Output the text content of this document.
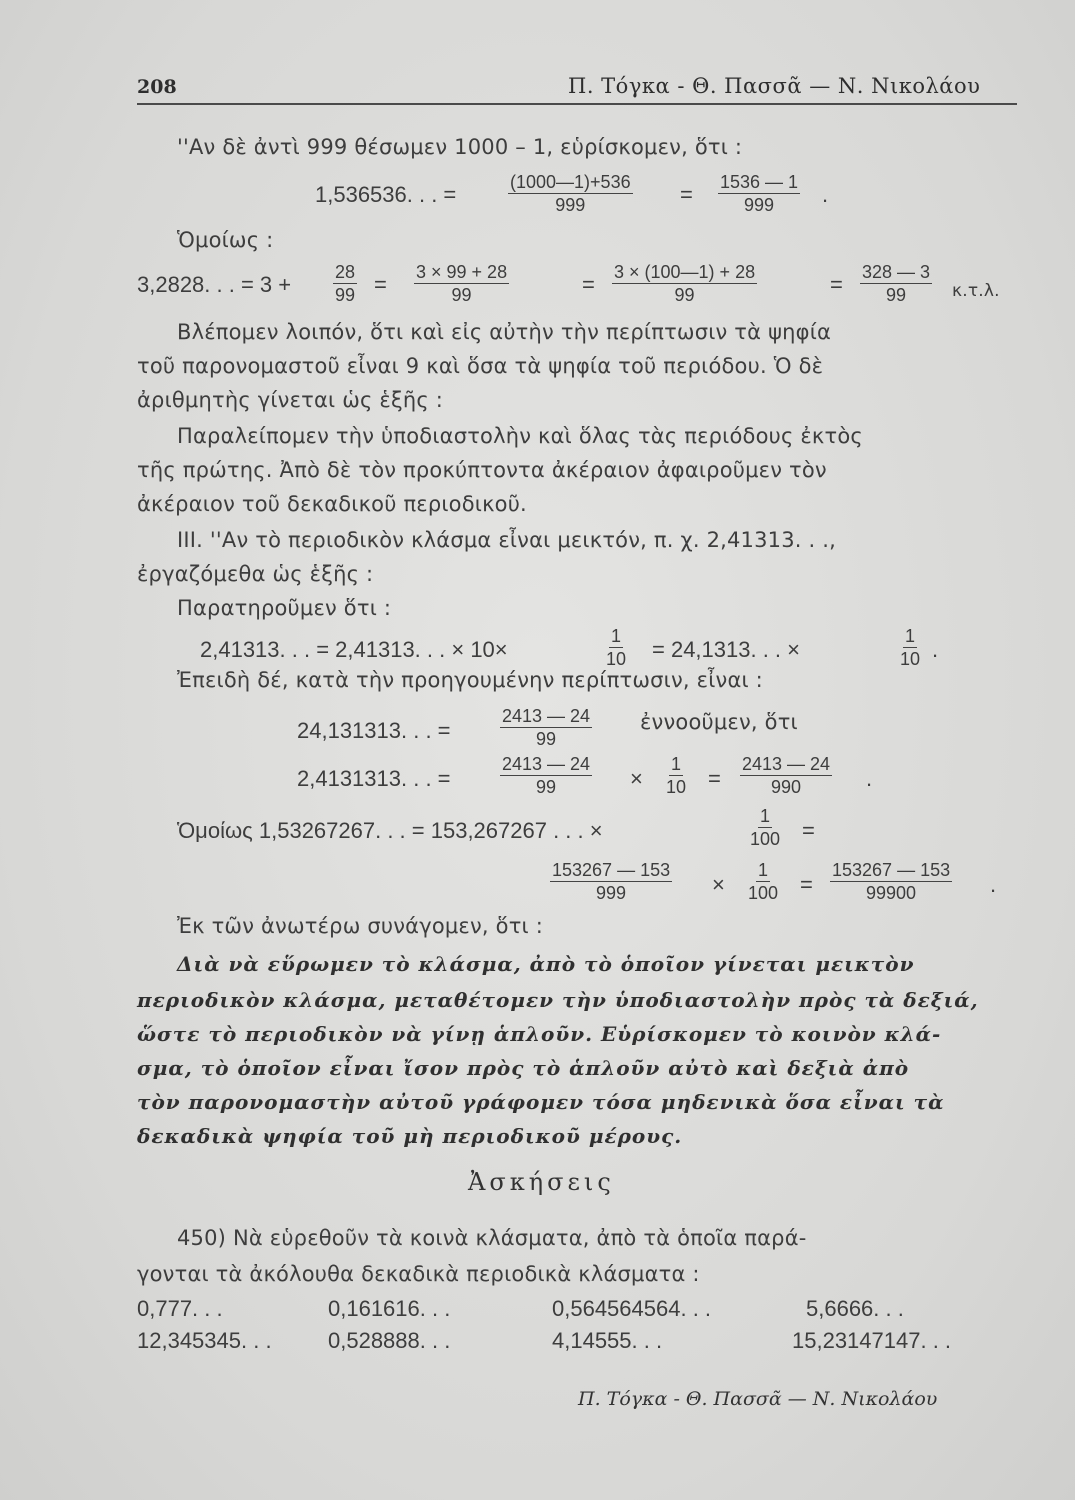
208	Π. Τόγκα - Θ. Πασσᾶ — Ν. Νικολάου
''Αν δὲ ἀντὶ 999 θέσωμεν 1000 – 1, εὑρίσκομεν, ὅτι :
1,536536. . . =	$\frac{(1000—1)+536}{999} = \frac{1536 — 1}{999}$ .
Ὁμοίως :
3,2828. . . = $3 + \frac{28}{99} = \frac{3 \times 99 + 28}{99}$	= $\frac{3 \times (100—1) + 28}{99}$	= $\frac{328 — 3}{99} \kappa.\tau.\lambda$.
Βλέπομεν λοιπόν, ὅτι καὶ εἰς αὐτὴν τὴν περίπτωσιν τὰ ψηφία
τοῦ παρονομαστοῦ εἶναι 9 καὶ ὅσα τὰ ψηφία τοῦ περιόδου. Ὁ δὲ
ἀριθμητὴς γίνεται ὡς ἑξῆς :
Παραλείπομεν τὴν ὑποδιαστολὴν καὶ ὅλας τὰς περιόδους ἐκτὸς
τῆς πρώτης. Ἀπὸ δὲ τὸν προκύπτοντα ἀκέραιον ἀφαιροῦμεν τὸν
ἀκέραιον τοῦ δεκαδικοῦ περιοδικοῦ.
III. ''Αν τὸ περιοδικὸν κλάσμα εἶναι μεικτόν, π. χ. 2,41313. . .,
ἐργαζόμεθα ὡς ἑξῆς :
Παρατηροῦμεν ὅτι :
2,41313. . . = 2,41313. . . × 10×	$\frac{1}{10} = 24,1313$. . . ×	$\frac{1}{10}$ .
Ἐπειδὴ δέ, κατὰ τὴν προηγουμένην περίπτωσιν, εἶναι :
24,131313. . . =	$\frac{2413 — 24}{99}$ ἐννοοῦμεν, ὅτι
2,4131313. . . =	$\frac{2413 — 24}{99} \times \frac{1}{10} = \frac{2413 — 24}{990}$ .
Ὁμοίως 1,53267267. . . = 153,267267 . . . ×	$\frac{1}{100}$ =
$\frac{153267 — 153}{999} \times \frac{1}{100} = \frac{153267 — 153}{99900}$ .
Ἐκ τῶν ἀνωτέρω συνάγομεν, ὅτι :
Διὰ νὰ εὕρωμεν τὸ κλάσμα, ἀπὸ τὸ ὁποῖον γίνεται μεικτὸν
περιοδικὸν κλάσμα, μεταθέτομεν τὴν ὑποδιαστολὴν πρὸς τὰ δεξιά,
ὥστε τὸ περιοδικὸν νὰ γίνῃ ἁπλοῦν. Εὑρίσκομεν τὸ κοινὸν κλά-
σμα, τὸ ὁποῖον εἶναι ἴσον πρὸς τὸ ἁπλοῦν αὐτὸ καὶ δεξιὰ ἀπὸ
τὸν παρονομαστὴν αὐτοῦ γράφομεν τόσα μηδενικὰ ὅσα εἶναι τὰ
δεκαδικὰ ψηφία τοῦ μὴ περιοδικοῦ μέρους.
Ἀσκήσεις
450) Νὰ εὑρεθοῦν τὰ κοινὰ κλάσματα, ἀπὸ τὰ ὁποῖα παρά-
γονται τὰ ἀκόλουθα δεκαδικὰ περιοδικὰ κλάσματα :
0,777. . .	0,161616. . .	0,564564564. . .	5,6666. . .
12,345345. . .	0,528888. . .	4,14555. . .	15,23147147. . .
Π. Τόγκα - Θ. Πασσᾶ — Ν. Νικολάου
